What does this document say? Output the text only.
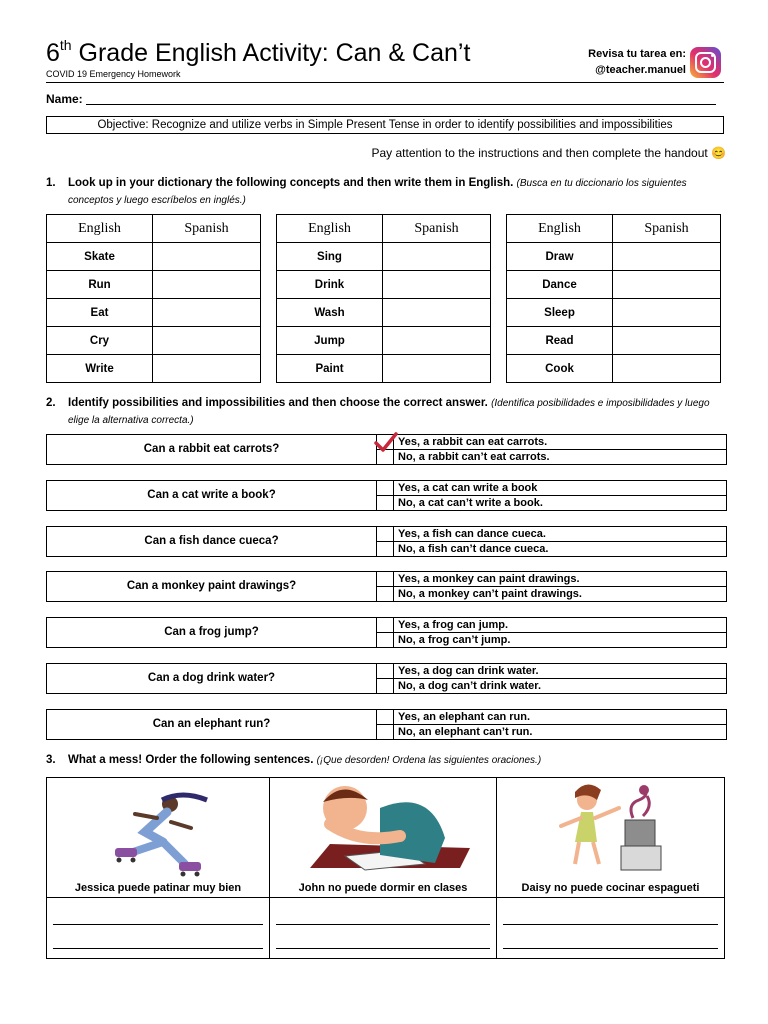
6th Grade English Activity: Can & Can’t
COVID 19 Emergency Homework
Revisa tu tarea en:
@teacher.manuel
Name:
Objective: Recognize and utilize verbs in Simple Present Tense in order to identify possibilities and impossibilities
Pay attention to the instructions and then complete the handout 😊
1. Look up in your dictionary the following concepts and then write them in English. (Busca en tu diccionario los siguientes conceptos y luego escríbelos en inglés.)
English	Spanish
Skate	
Run	
Eat	
Cry	
Write	
English	Spanish
Sing	
Drink	
Wash	
Jump	
Paint	
English	Spanish
Draw	
Dance	
Sleep	
Read	
Cook	
2. Identify possibilities and impossibilities and then choose the correct answer. (Identifica posibilidades e imposibilidades y luego elige la alternativa correcta.)
Can a rabbit eat carrots?
Yes, a rabbit can eat carrots.
No, a rabbit can’t eat carrots.
Can a cat write a book?
Yes, a cat can write a book
No, a cat can’t write a book.
Can a fish dance cueca?
Yes, a fish can dance cueca.
No, a fish can’t dance cueca.
Can a monkey paint drawings?
Yes, a monkey can paint drawings.
No, a monkey can’t paint drawings.
Can a frog jump?
Yes, a frog can jump.
No, a frog can’t jump.
Can a dog drink water?
Yes, a dog can drink water.
No, a dog can’t drink water.
Can an elephant run?
Yes, an elephant can run.
No, an elephant can’t run.
3. What a mess! Order the following sentences. (¡Que desorden! Ordena las siguientes oraciones.)
Jessica puede patinar muy bien	John no puede dormir en clases	Daisy no puede cocinar espagueti
